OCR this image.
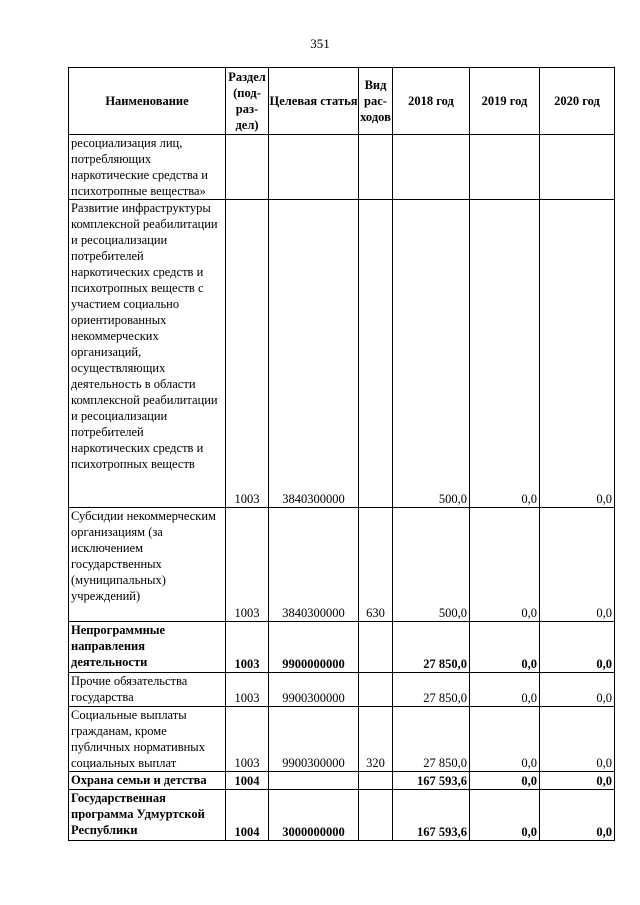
351
Наименование	Раздел (под-раз-дел)	Целевая статья	Вид рас-ходов	2018 год	2019 год	2020 год
ресоциализация лиц, потребляющих наркотические средства и психотропные вещества»						
Развитие инфраструктуры комплексной реабилитации и ресоциализации потребителей наркотических средств и психотропных веществ с участием социально ориентированных некоммерческих организаций, осуществляющих деятельность в области комплексной реабилитации и ресоциализации потребителей наркотических средств и психотропных веществ	1003	3840300000		500,0	0,0	0,0
Субсидии некоммерческим организациям (за исключением государственных (муниципальных) учреждений)	1003	3840300000	630	500,0	0,0	0,0
Непрограммные направления деятельности	1003	9900000000		27 850,0	0,0	0,0
Прочие обязательства государства	1003	9900300000		27 850,0	0,0	0,0
Социальные выплаты гражданам, кроме публичных нормативных социальных выплат	1003	9900300000	320	27 850,0	0,0	0,0
Охрана семьи и детства	1004			167 593,6	0,0	0,0
Государственная программа Удмуртской Республики	1004	3000000000		167 593,6	0,0	0,0
